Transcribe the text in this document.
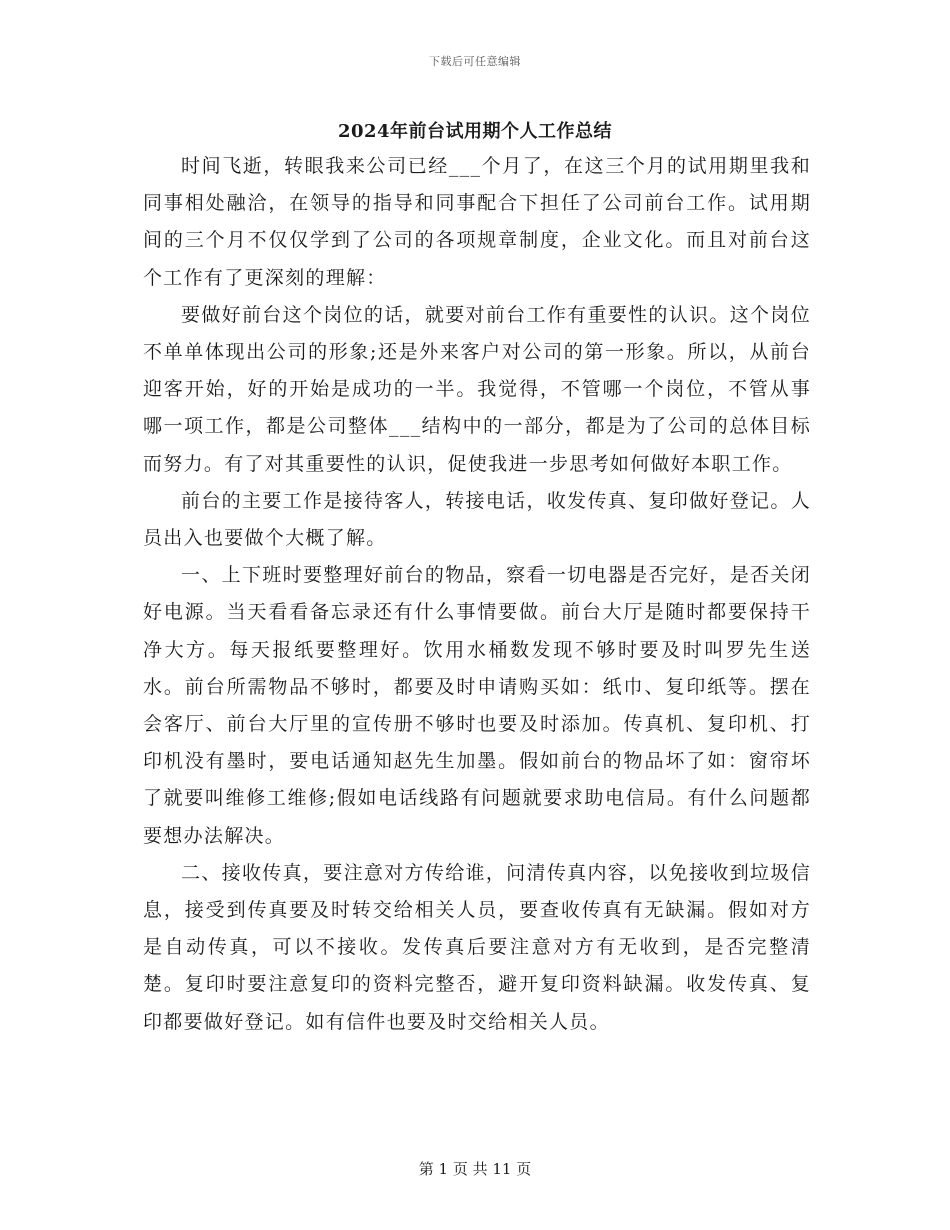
下载后可任意编辑
2024年前台试用期个人工作总结

时间飞逝，转眼我来公司已经___个月了，在这三个月的试用期里我和同事相处融洽，在领导的指导和同事配合下担任了公司前台工作。试用期间的三个月不仅仅学到了公司的各项规章制度，企业文化。而且对前台这个工作有了更深刻的理解：

要做好前台这个岗位的话，就要对前台工作有重要性的认识。这个岗位不单单体现出公司的形象;还是外来客户对公司的第一形象。所以，从前台迎客开始，好的开始是成功的一半。我觉得，不管哪一个岗位，不管从事哪一项工作，都是公司整体___结构中的一部分，都是为了公司的总体目标而努力。有了对其重要性的认识，促使我进一步思考如何做好本职工作。

前台的主要工作是接待客人，转接电话，收发传真、复印做好登记。人员出入也要做个大概了解。

一、上下班时要整理好前台的物品，察看一切电器是否完好，是否关闭好电源。当天看看备忘录还有什么事情要做。前台大厅是随时都要保持干净大方。每天报纸要整理好。饮用水桶数发现不够时要及时叫罗先生送水。前台所需物品不够时，都要及时申请购买如：纸巾、复印纸等。摆在会客厅、前台大厅里的宣传册不够时也要及时添加。传真机、复印机、打印机没有墨时，要电话通知赵先生加墨。假如前台的物品坏了如：窗帘坏了就要叫维修工维修;假如电话线路有问题就要求助电信局。有什么问题都要想办法解决。

二、接收传真，要注意对方传给谁，问清传真内容，以免接收到垃圾信息，接受到传真要及时转交给相关人员，要查收传真有无缺漏。假如对方是自动传真，可以不接收。发传真后要注意对方有无收到，是否完整清楚。复印时要注意复印的资料完整否，避开复印资料缺漏。收发传真、复印都要做好登记。如有信件也要及时交给相关人员。

第 1 页 共 11 页
